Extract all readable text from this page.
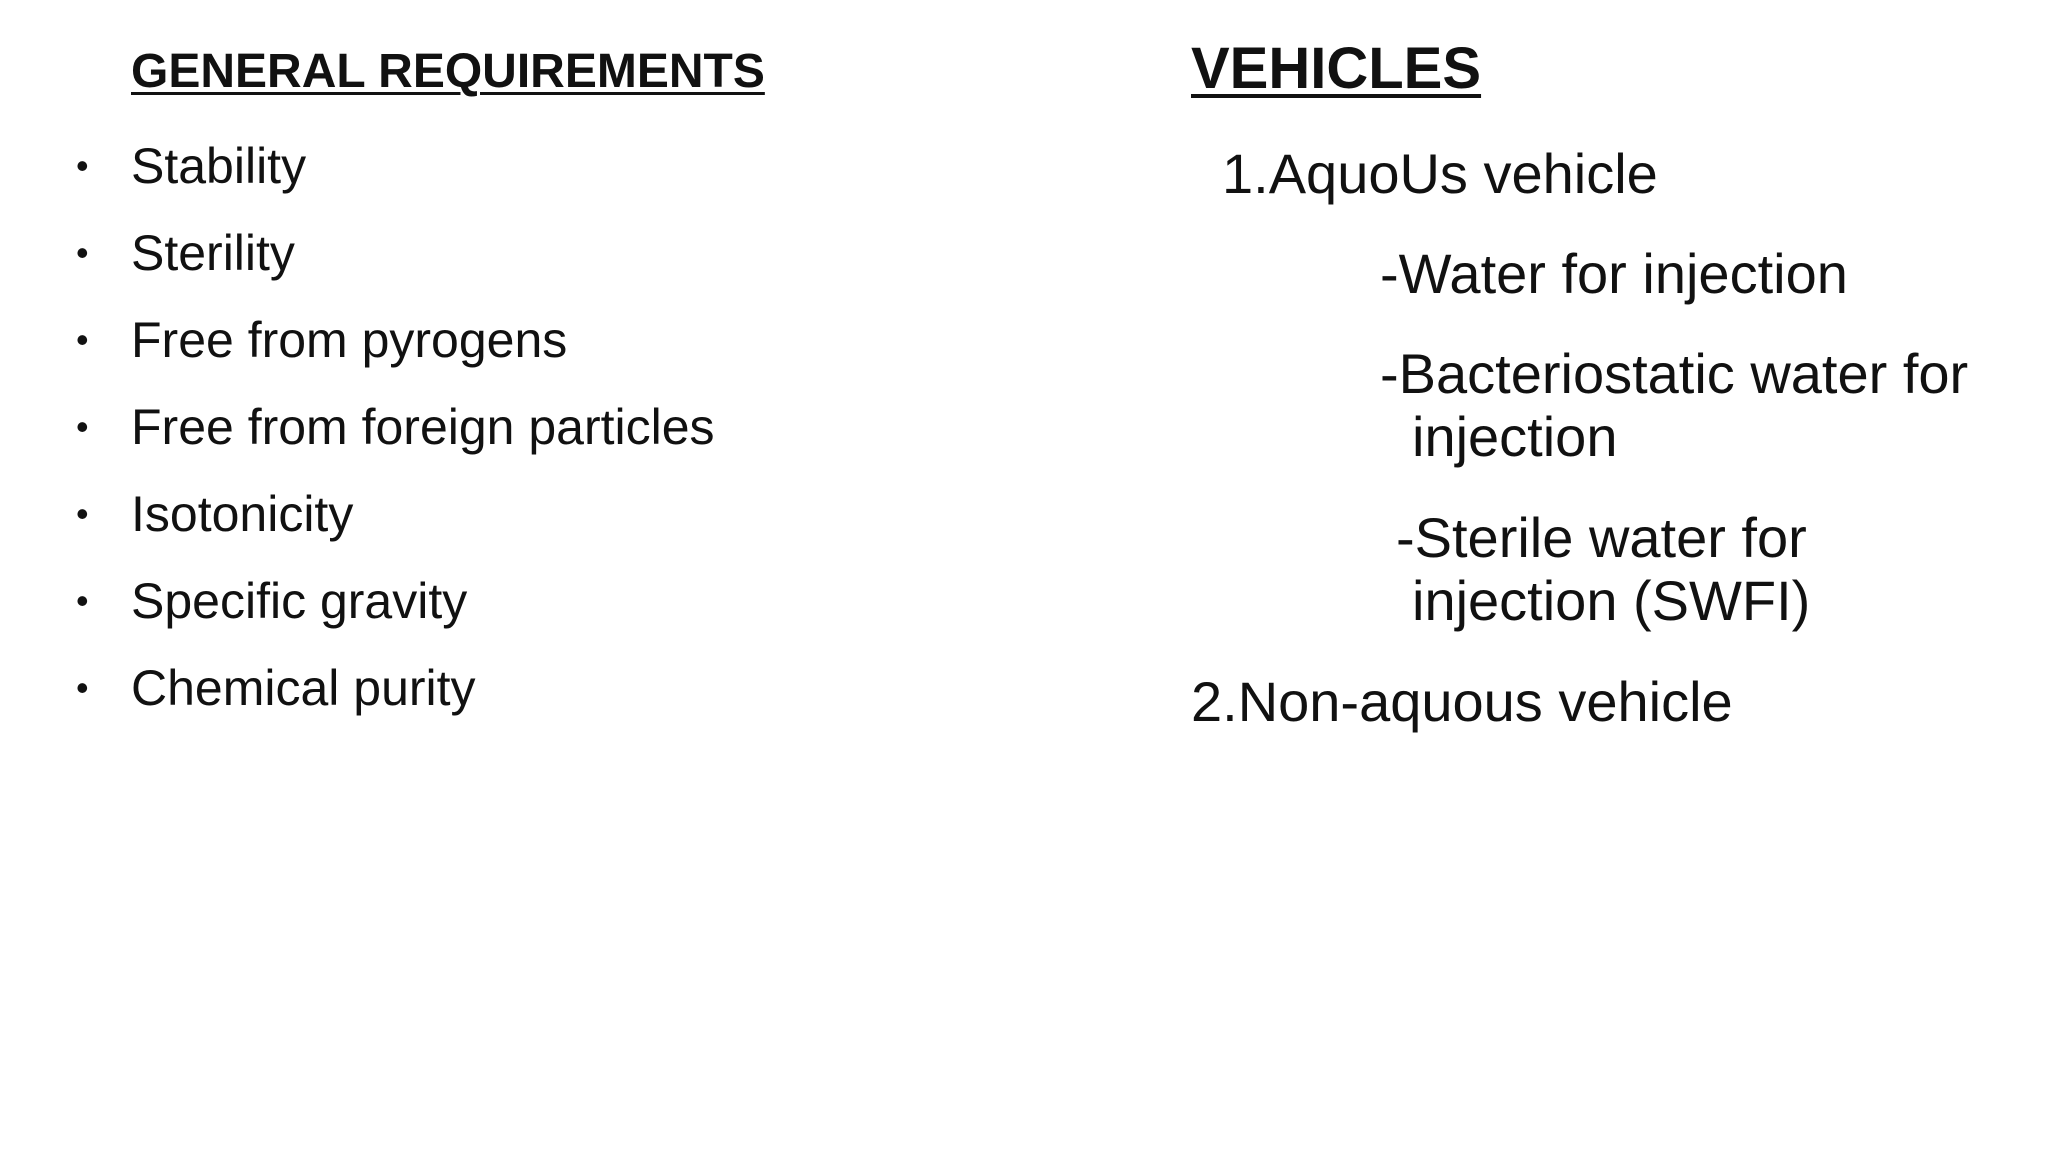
GENERAL REQUIREMENTS
• Stability
• Sterility
• Free from pyrogens
• Free from foreign particles
• Isotonicity
• Specific gravity
• Chemical purity
VEHICLES
1.AquoUs vehicle
-Water for injection
-Bacteriostatic water for
injection
-Sterile water for
injection (SWFI)
2.Non-aquous vehicle
